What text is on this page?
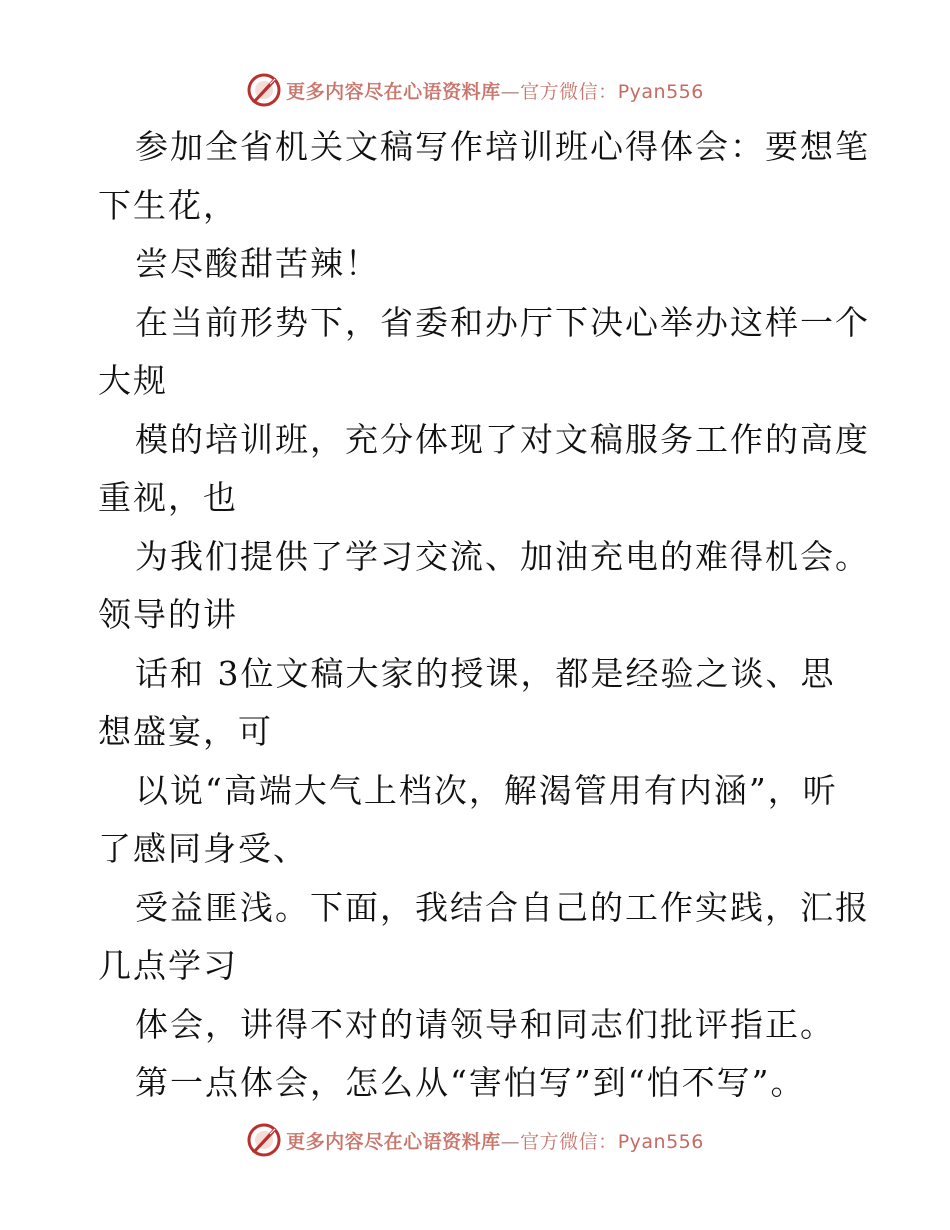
更多内容尽在心语资料库—官方微信：Pyan556
参加全省机关文稿写作培训班心得体会：要想笔
下生花，
尝尽酸甜苦辣！
在当前形势下，省委和办厅下决心举办这样一个
大规
模的培训班，充分体现了对文稿服务工作的高度
重视，也
为我们提供了学习交流、加油充电的难得机会。
领导的讲
话和 3位文稿大家的授课，都是经验之谈、思
想盛宴，可
以说“高端大气上档次，解渴管用有内涵”，听
了感同身受、
受益匪浅。下面，我结合自己的工作实践，汇报
几点学习
体会，讲得不对的请领导和同志们批评指正。
第一点体会，怎么从“害怕写”到“怕不写”。
更多内容尽在心语资料库—官方微信：Pyan556
